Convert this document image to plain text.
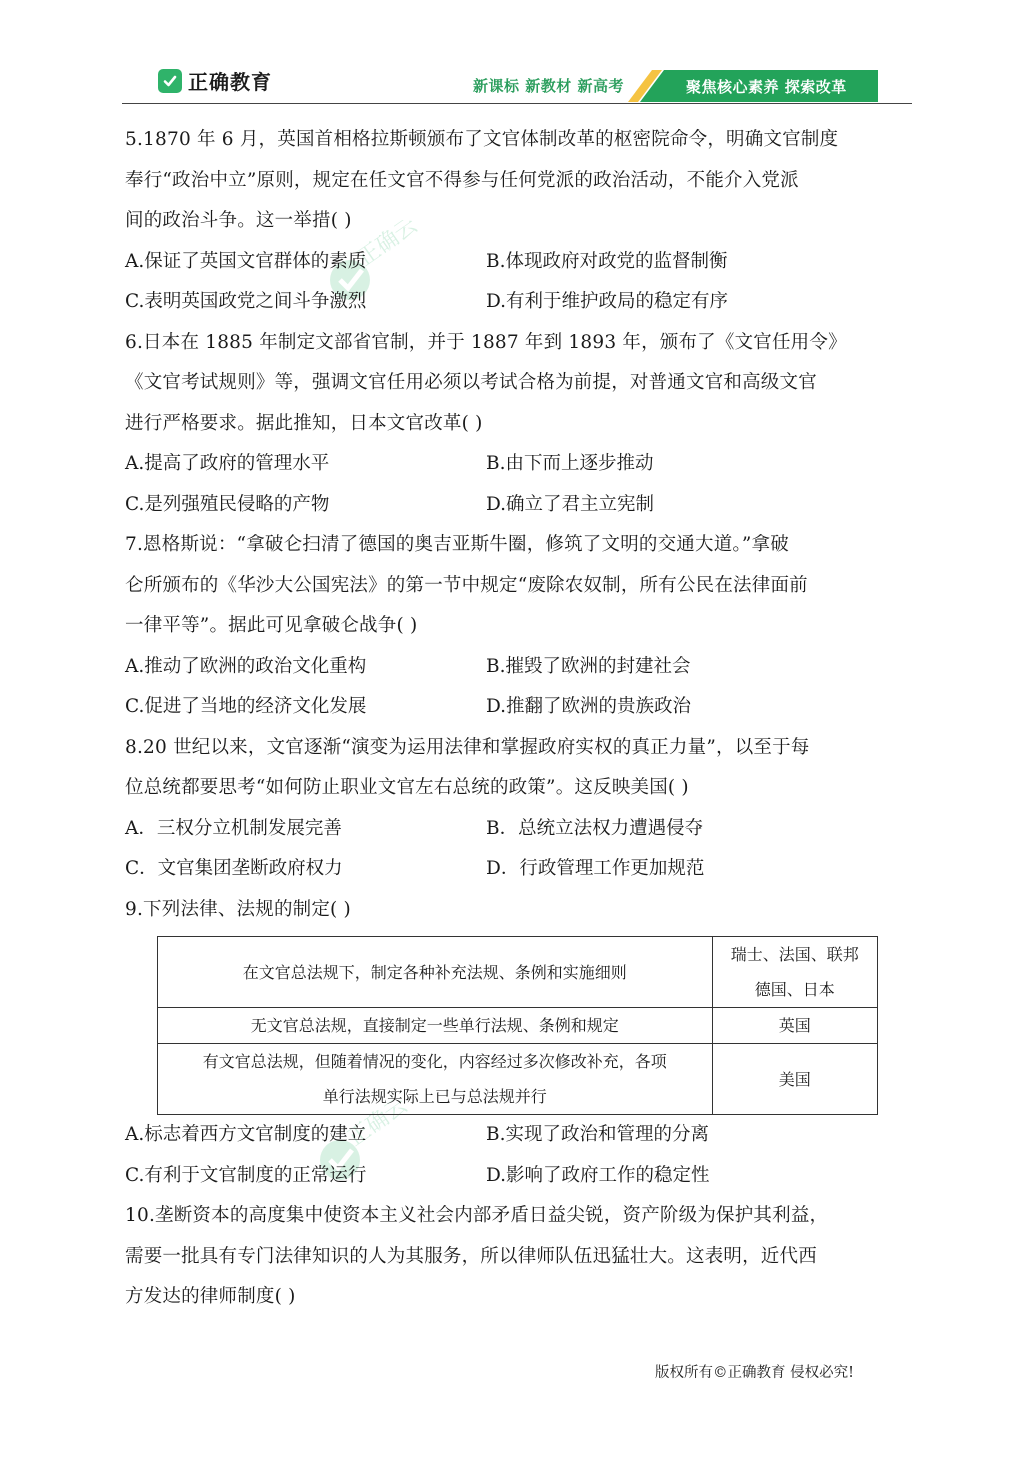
正确教育	新课标 新教材 新高考	聚焦核心素养 探索改革
正确云
正确云
5.1870 年 6 月，英国首相格拉斯顿颁布了文官体制改革的枢密院命令，明确文官制度
奉行“政治中立”原则，规定在任文官不得参与任何党派的政治活动，不能介入党派
间的政治斗争。这一举措( )
A.保证了英国文官群体的素质	B.体现政府对政党的监督制衡
C.表明英国政党之间斗争激烈	D.有利于维护政局的稳定有序
6.日本在 1885 年制定文部省官制，并于 1887 年到 1893 年，颁布了《文官任用令》
《文官考试规则》等，强调文官任用必须以考试合格为前提，对普通文官和高级文官
进行严格要求。据此推知，日本文官改革( )
A.提高了政府的管理水平	B.由下而上逐步推动
C.是列强殖民侵略的产物	D.确立了君主立宪制
7.恩格斯说：“拿破仑扫清了德国的奥吉亚斯牛圈，修筑了文明的交通大道。”拿破
仑所颁布的《华沙大公国宪法》的第一节中规定“废除农奴制，所有公民在法律面前
一律平等”。据此可见拿破仑战争( )
A.推动了欧洲的政治文化重构	B.摧毁了欧洲的封建社会
C.促进了当地的经济文化发展	D.推翻了欧洲的贵族政治
8.20 世纪以来，文官逐渐“演变为运用法律和掌握政府实权的真正力量”，以至于每
位总统都要思考“如何防止职业文官左右总统的政策”。这反映美国( )
A．三权分立机制发展完善	B．总统立法权力遭遇侵夺
C．文官集团垄断政府权力	D．行政管理工作更加规范
9.下列法律、法规的制定( )
在文官总法规下，制定各种补充法规、条例和实施细则	瑞士、法国、联邦
德国、日本

无文官总法规，直接制定一些单行法规、条例和规定	英国

有文官总法规，但随着情况的变化，内容经过多次修改补充，各项
单行法规实际上已与总法规并行	美国
A.标志着西方文官制度的建立	B.实现了政治和管理的分离
C.有利于文官制度的正常运行	D.影响了政府工作的稳定性
10.垄断资本的高度集中使资本主义社会内部矛盾日益尖锐，资产阶级为保护其利益，
需要一批具有专门法律知识的人为其服务，所以律师队伍迅猛壮大。这表明，近代西
方发达的律师制度( )
版权所有©正确教育 侵权必究!
